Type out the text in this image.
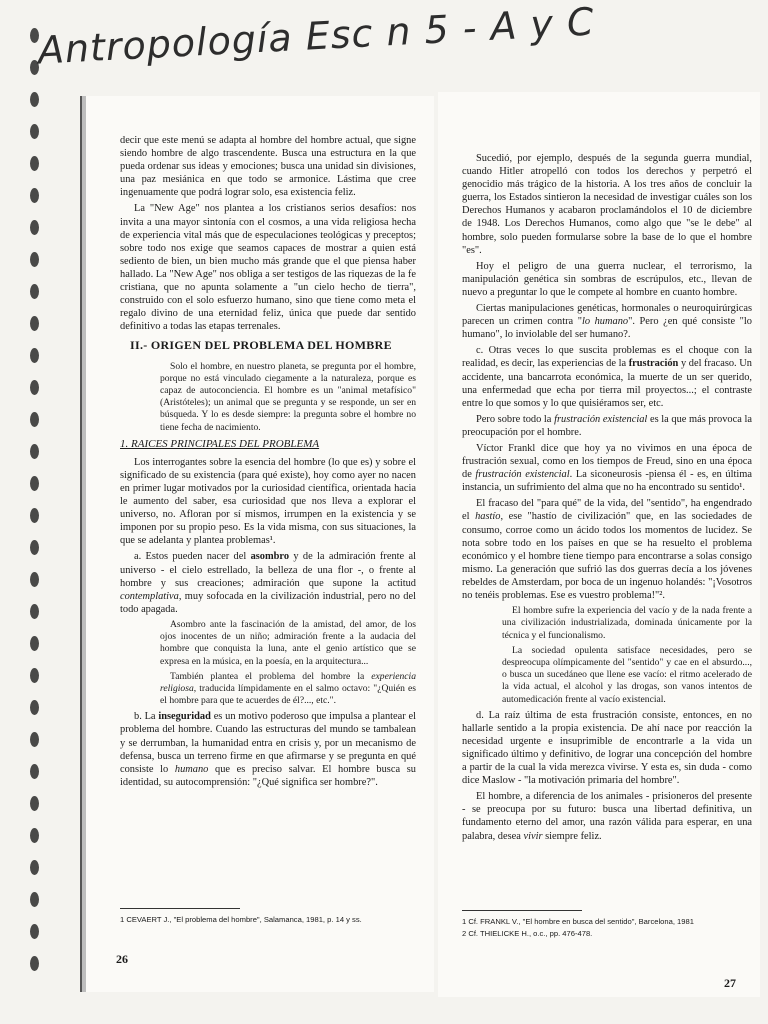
Antropología Esc n 5 - A y C

decir que este menú se adapta al hombre del hombre actual, que signe siendo hombre de algo trascendente. Busca una estructura en la que pueda ordenar sus ideas y emociones; busca una unidad sin divisiones, una paz mesiánica en que todo se armonice. Lástima que cree ingenuamente que podrá lograr solo, esa existencia feliz.

La "New Age" nos plantea a los cristianos serios desafíos: nos invita a una mayor sintonía con el cosmos, a una vida religiosa hecha de experiencia vital más que de especulaciones teológicas y preceptos; sobre todo nos exige que seamos capaces de mostrar a quien está sediento de bien, un bien mucho más grande que el que piensa haber hallado. La "New Age" nos obliga a ser testigos de las riquezas de la fe cristiana, que no apunta solamente a "un cielo hecho de tierra", construido con el solo esfuerzo humano, sino que tiene como meta el regalo divino de una eternidad feliz, única que puede dar sentido definitivo a todas las etapas terrenales.

II.- ORIGEN DEL PROBLEMA DEL HOMBRE

Solo el hombre, en nuestro planeta, se pregunta por el hombre, porque no está vinculado ciegamente a la naturaleza, porque es capaz de autoconciencia. El hombre es un "animal metafísico" (Aristóteles); un animal que se pregunta y se responde, un ser en búsqueda. Y lo es desde siempre: la pregunta sobre el hombre no tiene fecha de nacimiento.

1. RAICES PRINCIPALES DEL PROBLEMA

Los interrogantes sobre la esencia del hombre (lo que es) y sobre el significado de su existencia (para qué existe), hoy como ayer no nacen en primer lugar motivados por la curiosidad científica, orientada hacia le aumento del saber, esa curiosidad que nos lleva a explorar el universo, no. Afloran por sí mismos, irrumpen en la existencia y se imponen por su propio peso. Es la vida misma, con sus situaciones, la que se adelanta y plantea problemas¹.

a. Estos pueden nacer del asombro y de la admiración frente al universo - el cielo estrellado, la belleza de una flor -, o frente al hombre y sus creaciones; admiración que supone la actitud contemplativa, muy sofocada en la civilización industrial, pero no del todo apagada.

Asombro ante la fascinación de la amistad, del amor, de los ojos inocentes de un niño; admiración frente a la audacia del hombre que conquista la luna, ante el genio artístico que se expresa en la música, en la poesía, en la arquitectura...

También plantea el problema del hombre la experiencia religiosa, traducida límpidamente en el salmo octavo: "¿Quién es el hombre para que te acuerdes de él?..., etc.".

b. La inseguridad es un motivo poderoso que impulsa a plantear el problema del hombre. Cuando las estructuras del mundo se tambalean y se derrumban, la humanidad entra en crisis y, por un mecanismo de defensa, busca un terreno firme en que afirmarse y se pregunta en qué consiste lo humano que es preciso salvar. El hombre busca su identidad, su autocomprensión: "¿Qué significa ser hombre?".

1 CEVAERT J., "El problema del hombre", Salamanca, 1981, p. 14 y ss.
26

Sucedió, por ejemplo, después de la segunda guerra mundial, cuando Hitler atropelló con todos los derechos y perpetró el genocidio más trágico de la historia. A los tres años de concluir la guerra, los Estados sintieron la necesidad de investigar cuáles son los Derechos Humanos y acabaron proclamándolos el 10 de diciembre de 1948. Los Derechos Humanos, como algo que "se le debe" al hombre, solo pueden formularse sobre la base de lo que el hombre "es".

Hoy el peligro de una guerra nuclear, el terrorismo, la manipulación genética sin sombras de escrúpulos, etc., llevan de nuevo a preguntar lo que le compete al hombre en cuanto hombre.

Ciertas manipulaciones genéticas, hormonales o neuroquirúrgicas parecen un crimen contra "lo humano". Pero ¿en qué consiste "lo humano", lo inviolable del ser humano?.

c. Otras veces lo que suscita problemas es el choque con la realidad, es decir, las experiencias de la frustración y del fracaso. Un accidente, una bancarrota económica, la muerte de un ser querido, una enfermedad que echa por tierra mil proyectos...; el contraste entre lo que somos y lo que quisiéramos ser, etc.

Pero sobre todo la frustración existencial es la que más provoca la preocupación por el hombre.

Víctor Frankl dice que hoy ya no vivimos en una época de frustración sexual, como en los tiempos de Freud, sino en una época de frustración existencial. La siconeurosis -piensa él - es, en última instancia, un sufrimiento del alma que no ha encontrado su sentido¹.

El fracaso del "para qué" de la vida, del "sentido", ha engendrado el hastío, ese "hastío de civilización" que, en las sociedades de consumo, corroe como un ácido todos los momentos de lucidez. Se nota sobre todo en los países en que se ha resuelto el problema económico y el hombre tiene tiempo para encontrarse a solas consigo mismo. La generación que sufrió las dos guerras decía a los jóvenes rebeldes de Amsterdam, por boca de un ingenuo holandés: "¡Vosotros no tenéis problemas. Ese es vuestro problema!"².

El hombre sufre la experiencia del vacío y de la nada frente a una civilización industrializada, dominada únicamente por la técnica y el funcionalismo.

La sociedad opulenta satisface necesidades, pero se despreocupa olímpicamente del "sentido" y cae en el absurdo..., o busca un sucedáneo que llene ese vacío: el ritmo acelerado de la vida actual, el alcohol y las drogas, son vanos intentos de automedicación frente al vacío existencial.

d. La raíz última de esta frustración consiste, entonces, en no hallarle sentido a la propia existencia. De ahí nace por reacción la necesidad urgente e insuprimible de encontrarle a la vida un significado último y definitivo, de lograr una concepción del hombre a partir de la cual la vida merezca vivirse. Y esta es, sin duda - como dice Maslow - "la motivación primaria del hombre".

El hombre, a diferencia de los animales - prisioneros del presente - se preocupa por su futuro: busca una libertad definitiva, un fundamento eterno del amor, una razón válida para esperar, en una palabra, desea vivir siempre feliz.

1 Cf. FRANKL V., "El hombre en busca del sentido", Barcelona, 1981
2 Cf. THIELICKE H., o.c., pp. 476-478.
27
